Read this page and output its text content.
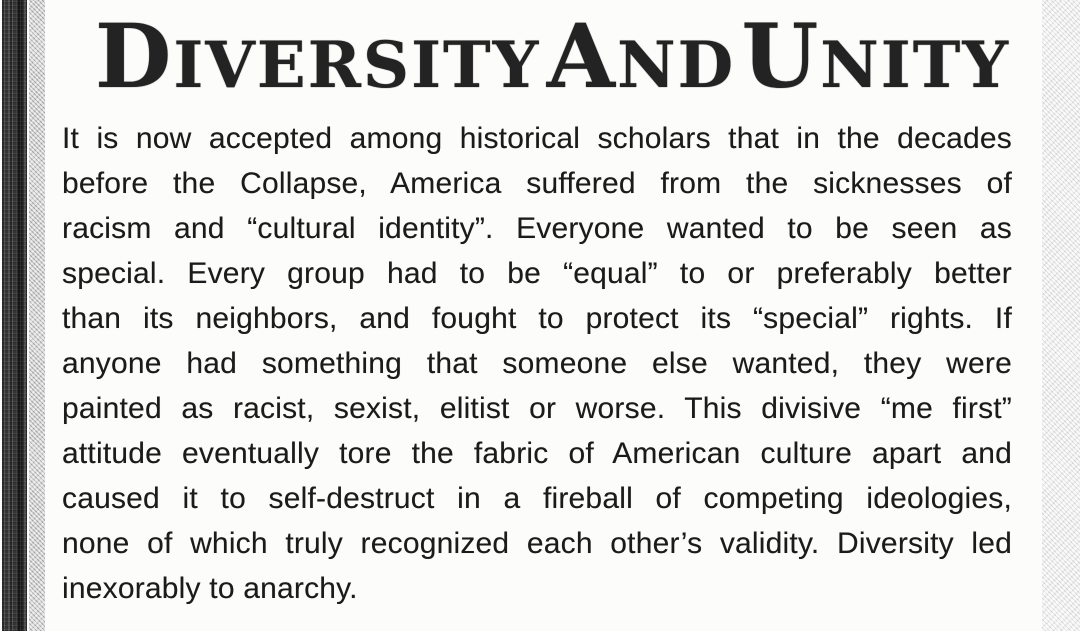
DIVERSITY AND UNITY
It is now accepted among historical scholars that in the decades
before the Collapse, America suffered from the sicknesses of
racism and “cultural identity”. Everyone wanted to be seen as
special. Every group had to be “equal” to or preferably better
than its neighbors, and fought to protect its “special” rights. If
anyone had something that someone else wanted, they were
painted as racist, sexist, elitist or worse. This divisive “me first”
attitude eventually tore the fabric of American culture apart and
caused it to self-destruct in a fireball of competing ideologies,
none of which truly recognized each other’s validity. Diversity led
inexorably to anarchy.
